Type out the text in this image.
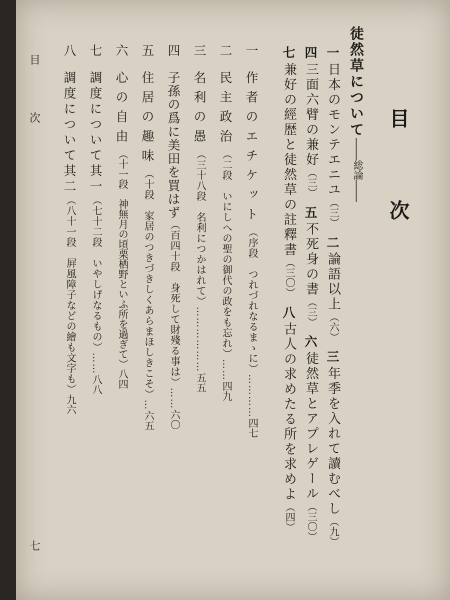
目　次
徒然草について――総論――
一日本のモンテエニユ（三） 二論語以上（六） 三年季を入れて讀むべし（九）
四三面六臂の兼好（三） 五不死身の書（三） 六徒然草とアプレゲール（三〇）
七兼好の經歴と徒然草の註釋書（三〇） 八古人の求めたる所を求めよ（四）
一　作者のエチケット（序段　つれづれなるまゝに）…………四七
二　民主政治（二段　いにしへの聖の御代の政をも忘れ）……四九
三　名利の愚（三十八段　名利につかはれて）………………五五
四　子孫の爲に美田を買はず（百四十段　身死して財殘る事は）……六〇
五　住居の趣味（十段　家居のつきづきしくあらまほしきこそ）…六五
六　心の自由（十一段　神無月の頃栗栖野といふ所を過ぎて）八四
七　調度について其一（七十二段　いやしげなるもの）……八八
八　調度について其二（八十一段　屛風障子などの繪も文字も）九六
目　次
七
